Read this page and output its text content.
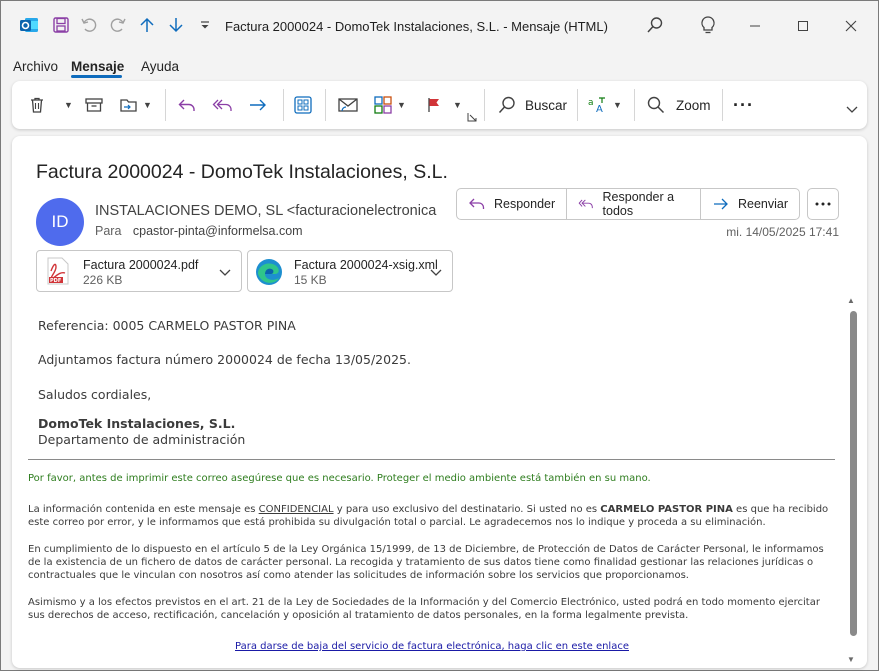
Factura 2000024 - DomoTek Instalaciones, S.L. - Mensaje (HTML)
Archivo Mensaje Ayuda
▼	▼	▼	▼	Buscar a
A ▼	Zoom ···
Factura 2000024 - DomoTek Instalaciones, S.L.
ID
INSTALACIONES DEMO, SL <facturacionelectronica
Para cpastor-pinta@informelsa.com
Responder	Responder a todos	Reenviar
mi. 14/05/2025 17:41
PDF
Factura 2000024.pdf
226 KB
Factura 2000024-xsig.xml
15 KB
Referencia: 0005 CARMELO PASTOR PINA
Adjuntamos factura número 2000024 de fecha 13/05/2025.
Saludos cordiales,
DomoTek Instalaciones, S.L.
Departamento de administración
Por favor, antes de imprimir este correo asegúrese que es necesario. Proteger el medio ambiente está también en su mano.
La información contenida en este mensaje es CONFIDENCIAL y para uso exclusivo del destinatario. Si usted no es CARMELO PASTOR PINA es que ha recibido este correo por error, y le informamos que está prohibida su divulgación total o parcial. Le agradecemos nos lo indique y proceda a su eliminación.
En cumplimiento de lo dispuesto en el artículo 5 de la Ley Orgánica 15/1999, de 13 de Diciembre, de Protección de Datos de Carácter Personal, le informamos de la existencia de un fichero de datos de carácter personal. La recogida y tratamiento de sus datos tiene como finalidad gestionar las relaciones jurídicas o contractuales que le vinculan con nosotros así como atender las solicitudes de información sobre los servicios que proporcionamos.
Asimismo y a los efectos previstos en el art. 21 de la Ley de Sociedades de la Información y del Comercio Electrónico, usted podrá en todo momento ejercitar sus derechos de acceso, rectificación, cancelación y oposición al tratamiento de datos personales, en la forma legalmente prevista.
Para darse de baja del servicio de factura electrónica, haga clic en este enlace
▲
▼
